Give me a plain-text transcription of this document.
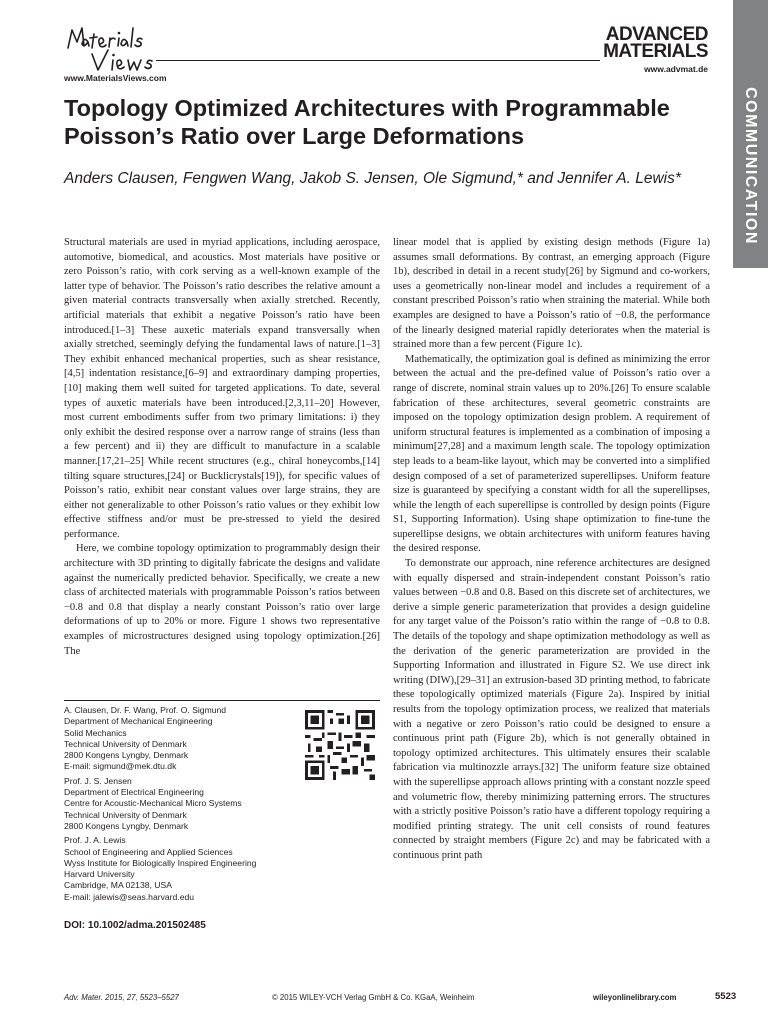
COMMUNICATION
www.MaterialsViews.com
ADVANCED
MATERIALS
www.advmat.de
Topology Optimized Architectures with Programmable
Poisson’s Ratio over Large Deformations
Anders Clausen, Fengwen Wang, Jakob S. Jensen, Ole Sigmund,* and Jennifer A. Lewis*

Structural materials are used in myriad applications, including aerospace, automotive, biomedical, and acoustics. Most materials have positive or zero Poisson’s ratio, with cork serving as a well-known example of the latter type of behavior. The Poisson’s ratio describes the relative amount a given material contracts transversally when axially stretched. Recently, artificial materials that exhibit a negative Poisson’s ratio have been introduced.[1–3] These auxetic materials expand transversally when axially stretched, seemingly defying the fundamental laws of nature.[1–3] They exhibit enhanced mechanical properties, such as shear resistance,[4,5] indentation resistance,[6–9] and extraordinary damping properties,[10] making them well suited for targeted applications. To date, several types of auxetic materials have been introduced.[2,3,11–20] However, most current embodiments suffer from two primary limitations: i) they only exhibit the desired response over a narrow range of strains (less than a few percent) and ii) they are difficult to manufacture in a scalable manner.[17,21–25] While recent structures (e.g., chiral honeycombs,[14] tilting square structures,[24] or Bucklicrystals[19]), for specific values of Poisson’s ratio, exhibit near constant values over large strains, they are either not generalizable to other Poisson’s ratio values or they exhibit low effective stiffness and/or must be pre-stressed to yield the desired performance.

Here, we combine topology optimization to programmably design their architecture with 3D printing to digitally fabricate the designs and validate against the numerically predicted behavior. Specifically, we create a new class of architected materials with programmable Poisson’s ratios between −0.8 and 0.8 that display a nearly constant Poisson’s ratio over large deformations of up to 20% or more. Figure 1 shows two representative examples of microstructures designed using topology optimization.[26] The

linear model that is applied by existing design methods (Figure 1a) assumes small deformations. By contrast, an emerging approach (Figure 1b), described in detail in a recent study[26] by Sigmund and co-workers, uses a geometrically non-linear model and includes a requirement of a constant prescribed Poisson’s ratio when straining the material. While both examples are designed to have a Poisson’s ratio of −0.8, the performance of the linearly designed material rapidly deteriorates when the material is strained more than a few percent (Figure 1c).

Mathematically, the optimization goal is defined as minimizing the error between the actual and the pre-defined value of Poisson’s ratio over a range of discrete, nominal strain values up to 20%.[26] To ensure scalable fabrication of these architectures, several geometric constraints are imposed on the topology optimization design problem. A requirement of uniform structural features is implemented as a combination of imposing a minimum[27,28] and a maximum length scale. The topology optimization step leads to a beam-like layout, which may be converted into a simplified design composed of a set of parameterized superellipses. Uniform feature size is guaranteed by specifying a constant width for all the superellipses, while the length of each superellipse is controlled by design points (Figure S1, Supporting Information). Using shape optimization to fine-tune the superellipse designs, we obtain architectures with uniform features having the desired response.

To demonstrate our approach, nine reference architectures are designed with equally dispersed and strain-independent constant Poisson’s ratio values between −0.8 and 0.8. Based on this discrete set of architectures, we derive a simple generic parameterization that provides a design guideline for any target value of the Poisson’s ratio within the range of −0.8 to 0.8. The details of the topology and shape optimization methodology as well as the derivation of the generic parameterization are provided in the Supporting Information and illustrated in Figure S2. We use direct ink writing (DIW),[29–31] an extrusion-based 3D printing method, to fabricate these topologically optimized materials (Figure 2a). Inspired by initial results from the topology optimization process, we realized that materials with a negative or zero Poisson’s ratio could be designed to ensure a continuous print path (Figure 2b), which is not generally obtained in topology optimized architectures. This ultimately ensures their scalable fabrication via multinozzle arrays.[32] The uniform feature size obtained with the superellipse approach allows printing with a constant nozzle speed and volumetric flow, thereby minimizing patterning errors. The structures with a strictly positive Poisson’s ratio have a different topology requiring a modified printing strategy. The unit cell consists of round features connected by straight members (Figure 2c) and may be fabricated with a continuous print path

A. Clausen, Dr. F. Wang, Prof. O. Sigmund
Department of Mechanical Engineering
Solid Mechanics
Technical University of Denmark
2800 Kongens Lyngby, Denmark
E-mail: sigmund@mek.dtu.dk
Prof. J. S. Jensen
Department of Electrical Engineering
Centre for Acoustic-Mechanical Micro Systems
Technical University of Denmark
2800 Kongens Lyngby, Denmark
Prof. J. A. Lewis
School of Engineering and Applied Sciences
Wyss Institute for Biologically Inspired Engineering
Harvard University
Cambridge, MA 02138, USA
E-mail: jalewis@seas.harvard.edu
DOI: 10.1002/adma.201502485
Adv. Mater. 2015, 27, 5523–5527	© 2015 WILEY-VCH Verlag GmbH & Co. KGaA, Weinheim	wileyonlinelibrary.com	5523
